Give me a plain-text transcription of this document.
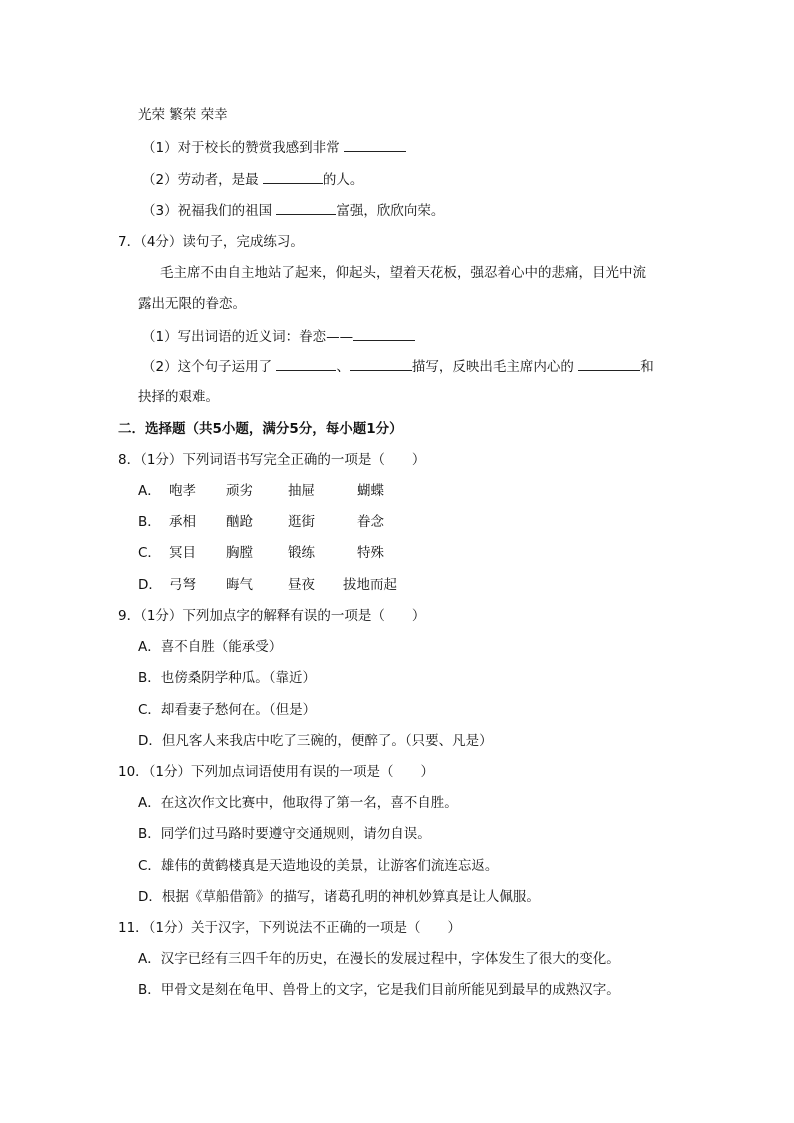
光荣 繁荣 荣幸
（1）对于校长的赞赏我感到非常
（2）劳动者，是最	的人。
（3）祝福我们的祖国	富强，欣欣向荣。
7．（4分）读句子，完成练习。
毛主席不由自主地站了起来，仰起头，望着天花板，强忍着心中的悲痛，目光中流
露出无限的眷恋。
（1）写出词语的近义词：眷恋——
（2）这个句子运用了	、	描写，反映出毛主席内心的	和
抉择的艰难。
二．选择题（共5小题，满分5分，每小题1分）
8．（1分）下列词语书写完全正确的一项是（　　）
A． 咆孝 顽劣	抽屉	蝴蝶
B． 承相 酗跄	逛街	眷念
C． 冥目 胸膛	锻练	特殊
D． 弓弩 晦气	昼夜 拔地而起
9．（1分）下列加点字的解释有误的一项是（　　）
A．喜不自胜（能承受）
B．也傍桑阴学种瓜。（靠近）
C．却看妻子愁何在。（但是）
D．但凡客人来我店中吃了三碗的，便醉了。（只要、凡是）
10．（1分）下列加点词语使用有误的一项是（　　）
A．在这次作文比赛中，他取得了第一名，喜不自胜。
B．同学们过马路时要遵守交通规则，请勿自误。
C．雄伟的黄鹤楼真是天造地设的美景，让游客们流连忘返。
D．根据《草船借箭》的描写，诸葛孔明的神机妙算真是让人佩服。
11．（1分）关于汉字，下列说法不正确的一项是（　　）
A．汉字已经有三四千年的历史，在漫长的发展过程中，字体发生了很大的变化。
B．甲骨文是刻在龟甲、兽骨上的文字，它是我们目前所能见到最早的成熟汉字。
